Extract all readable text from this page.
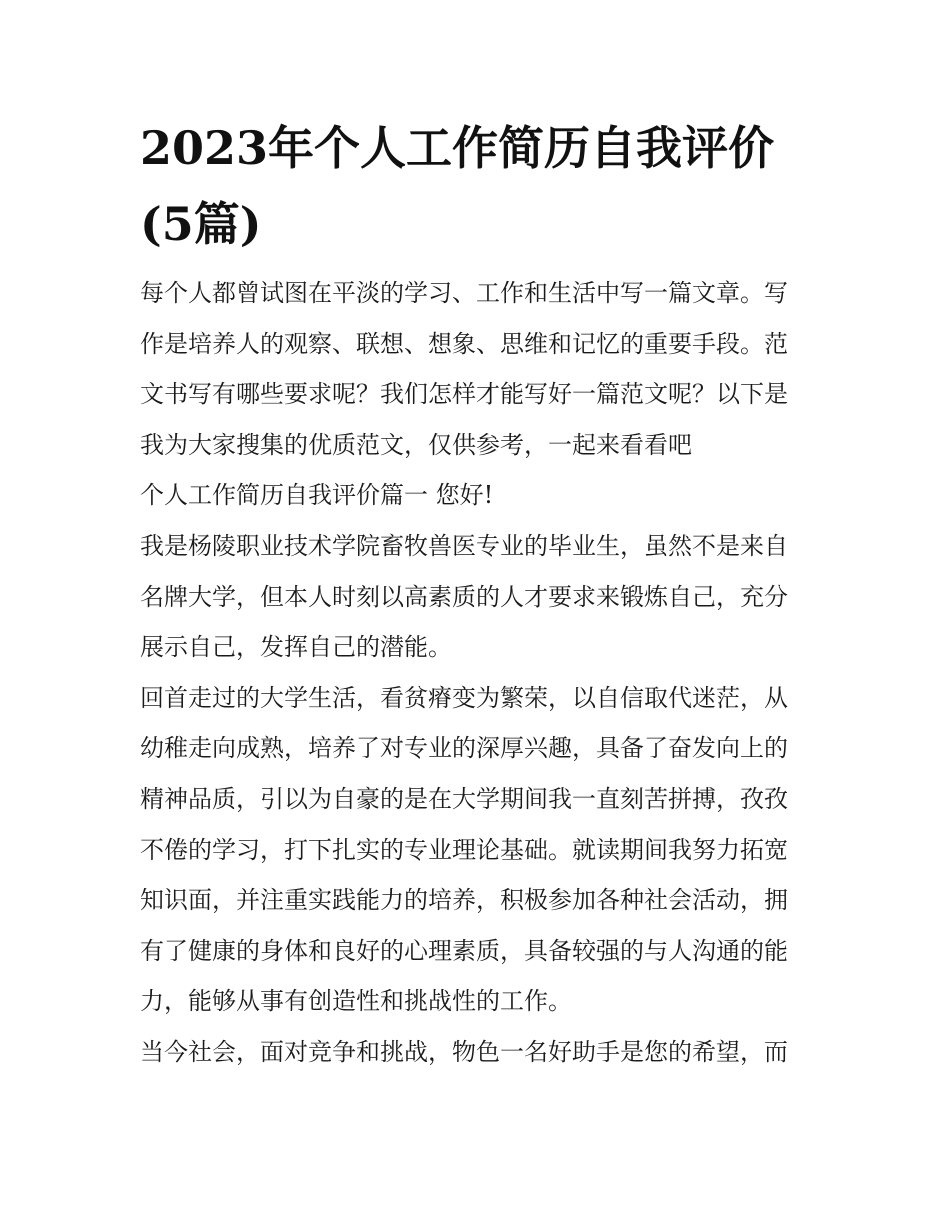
2023年个人工作简历自我评价
(5篇)
每个人都曾试图在平淡的学习、工作和生活中写一篇文章。写
作是培养人的观察、联想、想象、思维和记忆的重要手段。范
文书写有哪些要求呢？我们怎样才能写好一篇范文呢？以下是
我为大家搜集的优质范文，仅供参考，一起来看看吧
个人工作简历自我评价篇一 您好!
我是杨陵职业技术学院畜牧兽医专业的毕业生，虽然不是来自
名牌大学，但本人时刻以高素质的人才要求来锻炼自己，充分
展示自己，发挥自己的潜能。
回首走过的大学生活，看贫瘠变为繁荣，以自信取代迷茫，从
幼稚走向成熟，培养了对专业的深厚兴趣，具备了奋发向上的
精神品质，引以为自豪的是在大学期间我一直刻苦拼搏，孜孜
不倦的学习，打下扎实的专业理论基础。就读期间我努力拓宽
知识面，并注重实践能力的培养，积极参加各种社会活动，拥
有了健康的身体和良好的心理素质，具备较强的与人沟通的能
力，能够从事有创造性和挑战性的工作。
当今社会，面对竞争和挑战，物色一名好助手是您的希望，而
